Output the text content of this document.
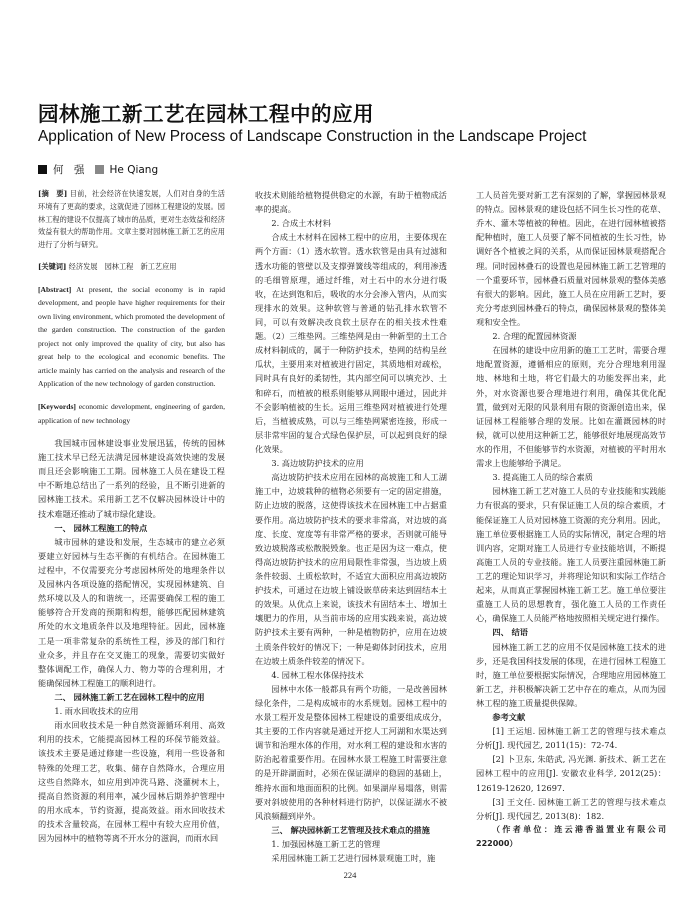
园林施工新工艺在园林工程中的应用
Application of New Process of Landscape Construction in the Landscape Project
何　强 He Qiang

[摘　要] 目前，社会经济在快速发展，人们对自身的生活环境有了更高的要求，这就促进了园林工程建设的发展。园林工程的建设不仅提高了城市的品质，更对生态效益和经济效益有很大的帮助作用。文章主要对园林施工新工艺的应用进行了分析与研究。

[关键词] 经济发展　园林工程　新工艺应用

[Abstract] At present, the social economy is in rapid development, and people have higher requirements for their own living environment, which promoted the development of the garden construction. The construction of the garden project not only improved the quality of city, but also has great help to the ecological and economic benefits. The article mainly has carried on the analysis and research of the Application of the new technology of garden construction.

[Keywords] economic development, engineering of garden, application of new technology

我国城市园林建设事业发展迅猛，传统的园林施工技术早已经无法满足园林建设高效快速的发展而且还会影响施工工期。园林施工人员在建设工程中不断地总结出了一系列的经验，且不断引进新的园林施工技术。采用新工艺不仅解决园林设计中的技术难题还推动了城市绿化建设。

一、 园林工程施工的特点

城市园林的建设和发展，生态城市的建立必须要建立好园林与生态平衡的有机结合。在园林施工过程中，不仅需要充分考虑园林所处的地理条件以及园林内各项设施的搭配情况，实现园林建筑、自然环境以及人的和谐统一，还需要确保工程的施工能够符合开发商的预期和构想，能够匹配园林建筑所处的水文地质条件以及地理特征。因此，园林施工是一项非常复杂的系统性工程，涉及的部门和行业众多，并且存在交叉施工的现象，需要切实做好整体调配工作，确保人力、物力等的合理利用，才能确保园林工程施工的顺利进行。

二、 园林施工新工艺在园林工程中的应用

1. 雨水回收技术的应用

雨水回收技术是一种自然资源循环利用、高效利用的技术，它能提高园林工程的环保节能效益。该技术主要是通过修建一些设施，利用一些设备和特殊的处理工艺，收集、储存自然降水，合理应用这些自然降水，如应用到冲洗马路、浇灌树木上，提高自然资源的利用率，减少园林后期养护管理中的用水成本，节约资源，提高效益。雨水回收技术的技术含量较高，在园林工程中有较大应用价值，因为园林中的植物等离不开水分的滋润，而雨水回

收技术则能给植物提供稳定的水源，有助于植物成活率的提高。

2. 合成土木材料

合成土木材料在园林工程中的应用，主要体现在两个方面：（1）透水软管。透水软管是由具有过滤和透水功能的管壁以及支撑弹簧线等组成的，利用渗透的毛细管原理，通过纤维，对土石中的水分进行吸收，在达到饱和后，吸收的水分会渗入管内，从而实现排水的效果。这种软管与普通的钻孔排水软管不同，可以有效解决改良软土层存在的相关技术性难题。（2）三维垫网。三维垫网是由一种新型的土工合成材料制成的，属于一种防护技术，垫网的结构呈丝瓜状，主要用来对植被进行固定，其质地相对疏松，同时具有良好的柔韧性，其内部空间可以填充沙、土和碎石，而植被的根系则能够从网眼中通过，因此并不会影响植被的生长。运用三维垫网对植被进行处理后，当植被成熟，可以与三维垫网紧密连接，形成一层非常牢固的复合式绿色保护层，可以起到良好的绿化效果。

3. 高边坡防护技术的应用

高边坡防护技术应用在园林的高坡施工和人工湖施工中，边坡栽种的植物必须要有一定的固定措施，防止边坡的脱落，这使得该技术在园林施工中占据重要作用。高边坡防护技术的要求非常高，对边坡的高度、长度、宽度等有非常严格的要求，否则就可能导致边坡脱落或松散脱毁象。也正是因为这一难点，使得高边坡防护技术的应用局限性非常强，当边坡上质条件较弱、土质松软时，不适宜大面积应用高边坡防护技术，可通过在边坡上铺设嵌草砖来达到固结本土的效果。从优点上来说，该技术有固结本土、增加土壤肥力的作用，从当前市场的应用实践来说，高边坡防护技术主要有两种，一种是植物防护，应用在边坡土质条件较好的情况下；一种是砌体封闭技术，应用在边坡土质条件较差的情况下。

4. 园林工程水体保持技术

园林中水体一般都具有两个功能，一是改善园林绿化条件，二是构成城市的水系规划。园林工程中的水景工程开发是整体园林工程建设的重要组成成分，其主要的工作内容就是通过开挖人工河湖和水渠达到调节和治理水体的作用，对水利工程的建设和水害的防治起着重要作用。在园林水景工程施工时需要注意的是开辟湖面时，必须在保证湖岸的稳固的基础上，维持水面和地面面积的比例。如果湖岸易塌落，则需要对斜坡使用的各种材料进行防护，以保证湖水不被风浪频翻到岸外。

三、 解决园林新工艺管理及技术难点的措施

1. 加强园林施工新工艺的管理

采用园林施工新工艺进行园林景观施工时，施

工人员首先要对新工艺有深刻的了解，掌握园林景观的特点。园林景观的建设包括不同生长习性的花草、乔木、灌木等植被的种植。因此，在进行园林植被搭配种植时，施工人员要了解不同植被的生长习性，协调好各个植被之间的关系，从而保证园林景观搭配合理。同时园林叠石的设置也是园林施工新工艺管理的一个重要环节，园林叠石质量对园林景观的整体美感有很大的影响。因此，施工人员在应用新工艺时，要充分考虑到园林叠石的特点，确保园林景观的整体美观和安全性。

2. 合理的配置园林资源

在园林的建设中应用新的施工工艺时，需要合理地配置资源，遵循相应的原则，充分合理地利用湿地、林地和土地，将它们最大的功能发挥出来，此外，对水资源也要合理地进行利用，确保其优化配置，做到对无限的风景利用有限的资源创造出来，保证园林工程能够合理的发展。比如在灌溉园林的时候，就可以使用这种新工艺，能够很好地展现高效节水的作用，不但能够节约水资源，对植被的平时用水需求上也能够给予满足。

3. 提高施工人员的综合素质

园林施工新工艺对施工人员的专业技能和实践能力有很高的要求，只有保证施工人员的综合素质，才能保证施工人员对园林施工资源的充分利用。因此，施工单位要根据施工人员的实际情况，制定合理的培训内容，定期对施工人员进行专业技能培训，不断提高施工人员的专业技能。施工人员要注重园林施工新工艺的理论知识学习，并将理论知识和实际工作结合起来，从而真正掌握园林施工新工艺。施工单位要注重施工人员的思想教育，强化施工人员的工作责任心，确保施工人员能严格地按照相关规定进行操作。

四、 结语

园林施工新工艺的应用不仅是园林施工技术的进步，还是我国科技发展的体现，在进行园林工程施工时，施工单位要根据实际情况，合理地应用园林施工新工艺，并积极解决新工艺中存在的难点，从而为园林工程的施工质量提供保障。

参考文献

[1] 王运旭. 园林施工新工艺的管理与技术难点分析[J]. 现代园艺, 2011(15)：72-74.

[2] 卜卫东, 朱皓武, 冯光渊. 新技术、新工艺在园林工程中的应用[J]. 安徽农业科学, 2012(25)：12619-12620, 12697.

[3] 王文任. 园林施工新工艺的管理与技术难点分析[J]. 现代园艺, 2013(8)：182.

（作者单位：连云港香溢置业有限公司 222000）

224
